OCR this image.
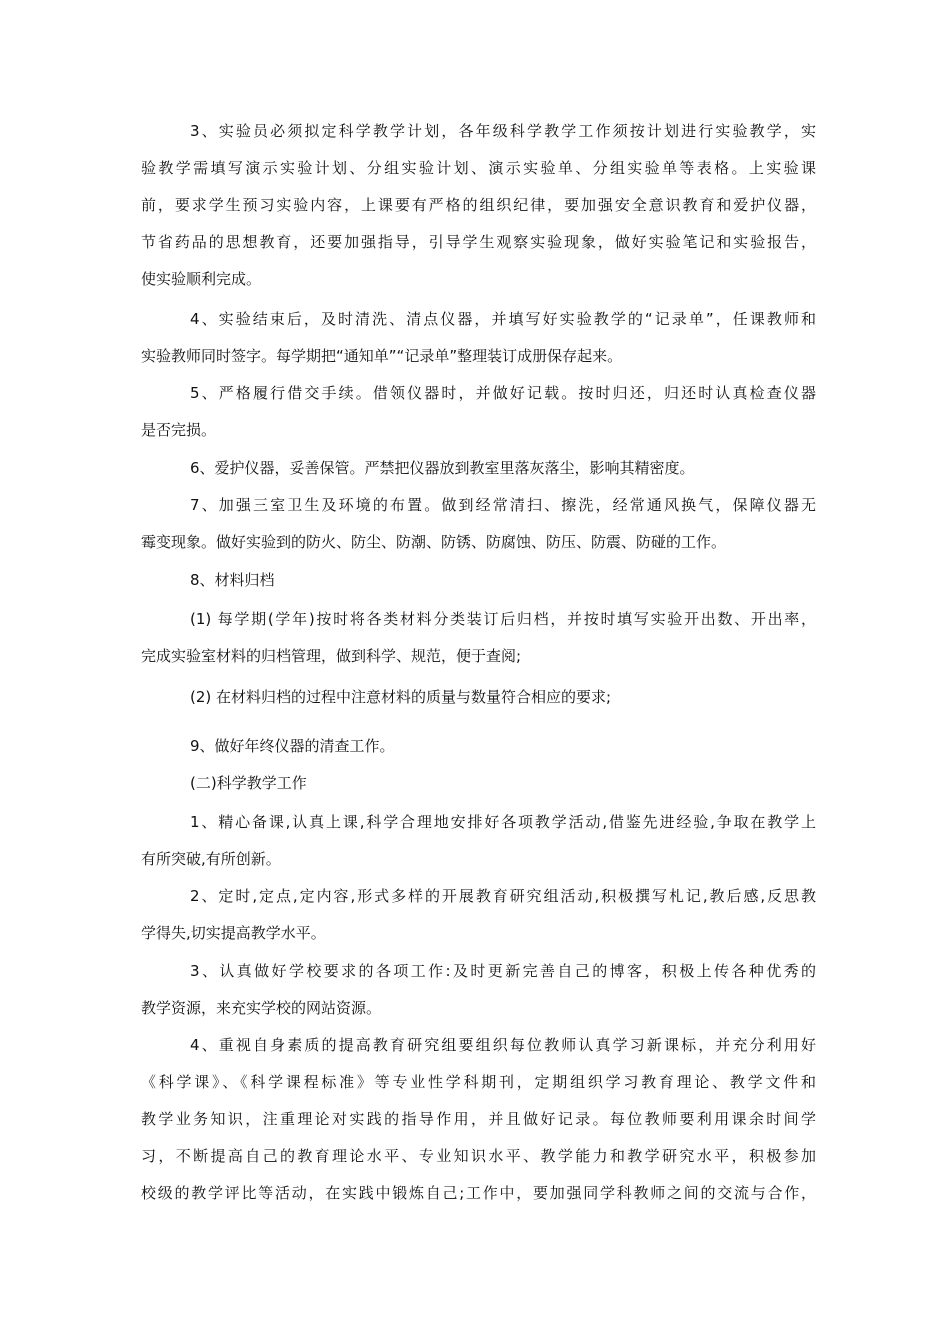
3、实验员必须拟定科学教学计划，各年级科学教学工作须按计划进行实验教学，实
验教学需填写演示实验计划、分组实验计划、演示实验单、分组实验单等表格。上实验课
前，要求学生预习实验内容，上课要有严格的组织纪律，要加强安全意识教育和爱护仪器，
节省药品的思想教育，还要加强指导，引导学生观察实验现象，做好实验笔记和实验报告，
使实验顺利完成。
4、实验结束后，及时清洗、清点仪器，并填写好实验教学的“记录单”，任课教师和
实验教师同时签字。每学期把“通知单”“记录单”整理装订成册保存起来。
5、严格履行借交手续。借领仪器时，并做好记载。按时归还，归还时认真检查仪器
是否完损。
6、爱护仪器，妥善保管。严禁把仪器放到教室里落灰落尘，影响其精密度。
7、加强三室卫生及环境的布置。做到经常清扫、擦洗，经常通风换气，保障仪器无
霉变现象。做好实验到的防火、防尘、防潮、防锈、防腐蚀、防压、防震、防碰的工作。
8、材料归档
(1) 每学期(学年)按时将各类材料分类装订后归档，并按时填写实验开出数、开出率，
完成实验室材料的归档管理，做到科学、规范，便于查阅;
(2) 在材料归档的过程中注意材料的质量与数量符合相应的要求;
9、做好年终仪器的清查工作。
(二)科学教学工作
1、精心备课,认真上课,科学合理地安排好各项教学活动,借鉴先进经验,争取在教学上
有所突破,有所创新。
2、定时,定点,定内容,形式多样的开展教育研究组活动,积极撰写札记,教后感,反思教
学得失,切实提高教学水平。
3、认真做好学校要求的各项工作:及时更新完善自己的博客，积极上传各种优秀的
教学资源，来充实学校的网站资源。
4、重视自身素质的提高教育研究组要组织每位教师认真学习新课标，并充分利用好
《科学课》、《科学课程标准》等专业性学科期刊，定期组织学习教育理论、教学文件和
教学业务知识，注重理论对实践的指导作用，并且做好记录。每位教师要利用课余时间学
习，不断提高自己的教育理论水平、专业知识水平、教学能力和教学研究水平，积极参加
校级的教学评比等活动，在实践中锻炼自己;工作中，要加强同学科教师之间的交流与合作，
